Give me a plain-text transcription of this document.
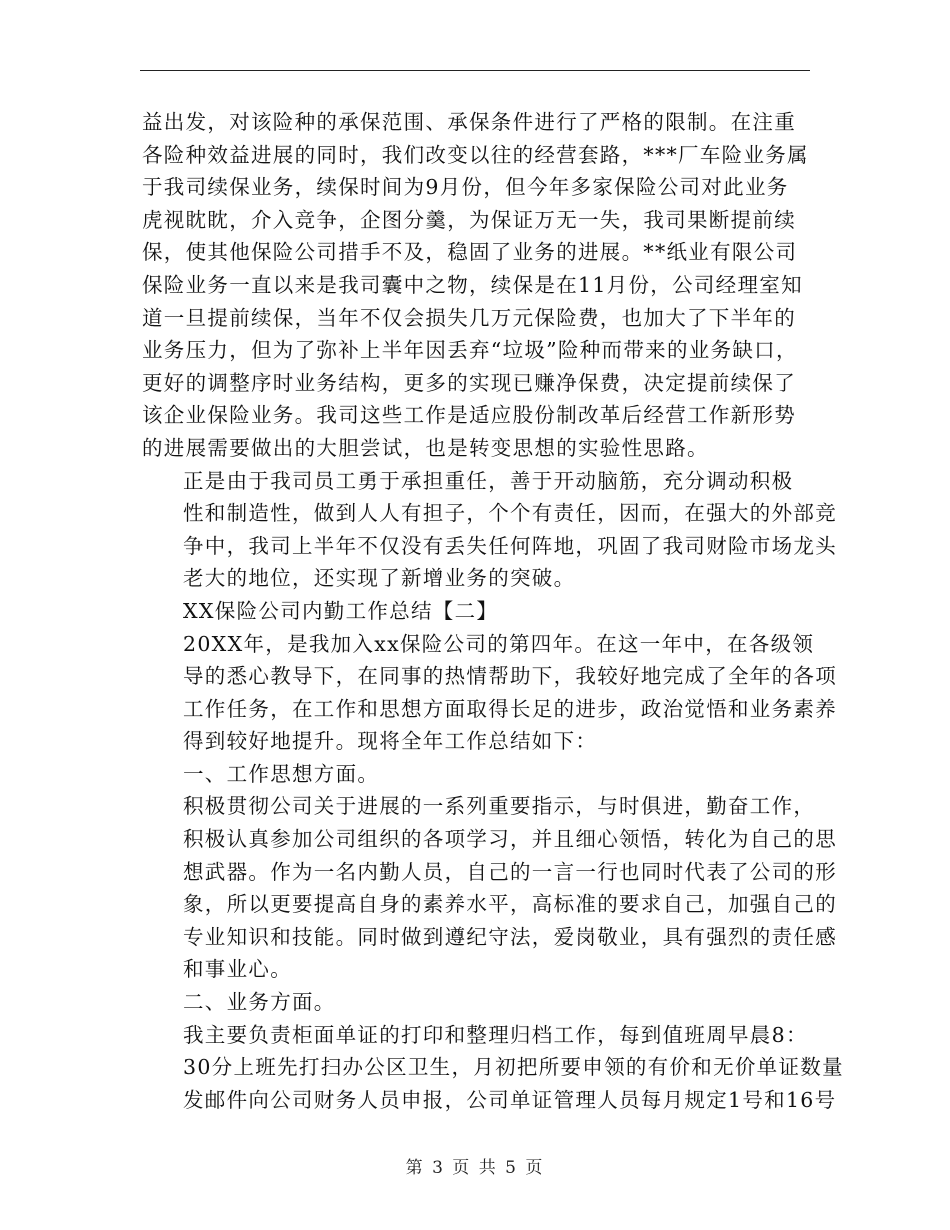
益出发，对该险种的承保范围、承保条件进行了严格的限制。在注重
各险种效益进展的同时，我们改变以往的经营套路，***厂车险业务属
于我司续保业务，续保时间为9月份，但今年多家保险公司对此业务
虎视眈眈，介入竞争，企图分羹，为保证万无一失，我司果断提前续
保，使其他保险公司措手不及，稳固了业务的进展。**纸业有限公司
保险业务一直以来是我司囊中之物，续保是在11月份，公司经理室知
道一旦提前续保，当年不仅会损失几万元保险费，也加大了下半年的
业务压力，但为了弥补上半年因丢弃“垃圾”险种而带来的业务缺口，
更好的调整序时业务结构，更多的实现已赚净保费，决定提前续保了
该企业保险业务。我司这些工作是适应股份制改革后经营工作新形势
的进展需要做出的大胆尝试，也是转变思想的实验性思路。

正是由于我司员工勇于承担重任，善于开动脑筋，充分调动积极
性和制造性，做到人人有担子，个个有责任，因而，在强大的外部竞
争中，我司上半年不仅没有丢失任何阵地，巩固了我司财险市场龙头
老大的地位，还实现了新增业务的突破。

XX保险公司内勤工作总结【二】

20XX年，是我加入xx保险公司的第四年。在这一年中，在各级领
导的悉心教导下，在同事的热情帮助下，我较好地完成了全年的各项
工作任务，在工作和思想方面取得长足的进步，政治觉悟和业务素养
得到较好地提升。现将全年工作总结如下：

一、工作思想方面。

积极贯彻公司关于进展的一系列重要指示，与时俱进，勤奋工作，
积极认真参加公司组织的各项学习，并且细心领悟，转化为自己的思
想武器。作为一名内勤人员，自己的一言一行也同时代表了公司的形
象，所以更要提高自身的素养水平，高标准的要求自己，加强自己的
专业知识和技能。同时做到遵纪守法，爱岗敬业，具有强烈的责任感
和事业心。

二、业务方面。

我主要负责柜面单证的打印和整理归档工作，每到值班周早晨8：
30分上班先打扫办公区卫生，月初把所要申领的有价和无价单证数量
发邮件向公司财务人员申报，公司单证管理人员每月规定1号和16号

第 3 页 共 5 页
